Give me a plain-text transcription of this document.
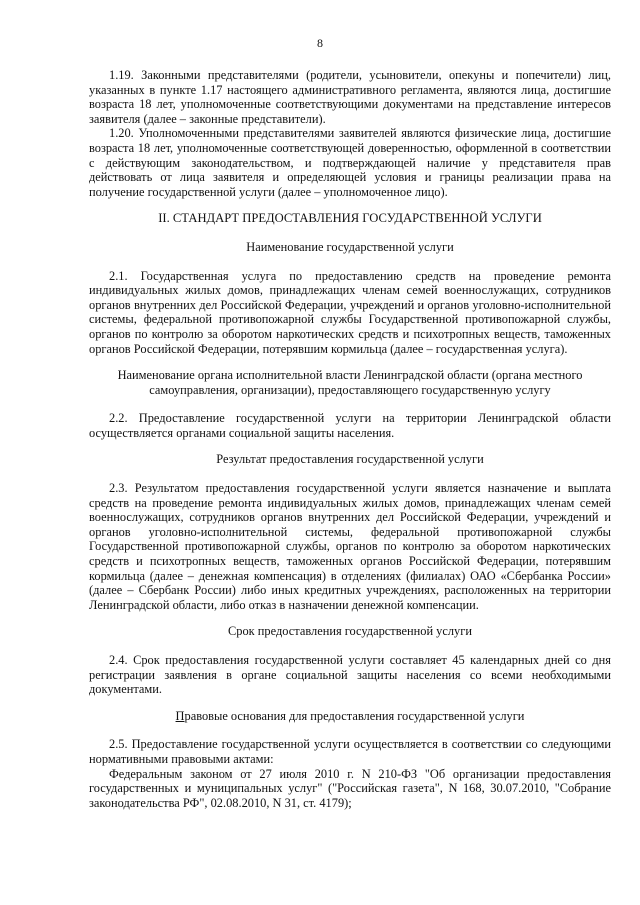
8

1.19. Законными представителями (родители, усыновители, опекуны и попечители) лиц, указанных в пункте 1.17 настоящего административного регламента, являются лица, достигшие возраста 18 лет, уполномоченные соответствующими документами на представление интересов заявителя (далее – законные представители).

1.20. Уполномоченными представителями заявителей являются физические лица, достигшие возраста 18 лет, уполномоченные соответствующей доверенностью, оформленной в соответствии с действующим законодательством, и подтверждающей наличие у представителя прав действовать от лица заявителя и определяющей условия и границы реализации права на получение государственной услуги (далее – уполномоченное лицо).

II. СТАНДАРТ ПРЕДОСТАВЛЕНИЯ ГОСУДАРСТВЕННОЙ УСЛУГИ

Наименование государственной услуги

2.1. Государственная услуга по предоставлению средств на проведение ремонта индивидуальных жилых домов, принадлежащих членам семей военнослужащих, сотрудников органов внутренних дел Российской Федерации, учреждений и органов уголовно-исполнительной системы, федеральной противопожарной службы Государственной противопожарной службы, органов по контролю за оборотом наркотических средств и психотропных веществ, таможенных органов Российской Федерации, потерявшим кормильца (далее – государственная услуга).

Наименование органа исполнительной власти Ленинградской области (органа местного самоуправления, организации), предоставляющего государственную услугу

2.2. Предоставление государственной услуги на территории Ленинградской области осуществляется органами социальной защиты населения.

Результат предоставления государственной услуги

2.3. Результатом предоставления государственной услуги является назначение и выплата средств на проведение ремонта индивидуальных жилых домов, принадлежащих членам семей военнослужащих, сотрудников органов внутренних дел Российской Федерации, учреждений и органов уголовно-исполнительной системы, федеральной противопожарной службы Государственной противопожарной службы, органов по контролю за оборотом наркотических средств и психотропных веществ, таможенных органов Российской Федерации, потерявшим кормильца (далее – денежная компенсация) в отделениях (филиалах) ОАО «Сбербанка России» (далее – Сбербанк России) либо иных кредитных учреждениях, расположенных на территории Ленинградской области, либо отказ в назначении денежной компенсации.

Срок предоставления государственной услуги

2.4. Срок предоставления государственной услуги составляет 45 календарных дней со дня регистрации заявления в органе социальной защиты населения со всеми необходимыми документами.

Правовые основания для предоставления государственной услуги

2.5. Предоставление государственной услуги осуществляется в соответствии со следующими нормативными правовыми актами:

Федеральным законом от 27 июля 2010 г. N 210-ФЗ "Об организации предоставления государственных и муниципальных услуг" ("Российская газета", N 168, 30.07.2010, "Собрание законодательства РФ", 02.08.2010, N 31, ст. 4179);
